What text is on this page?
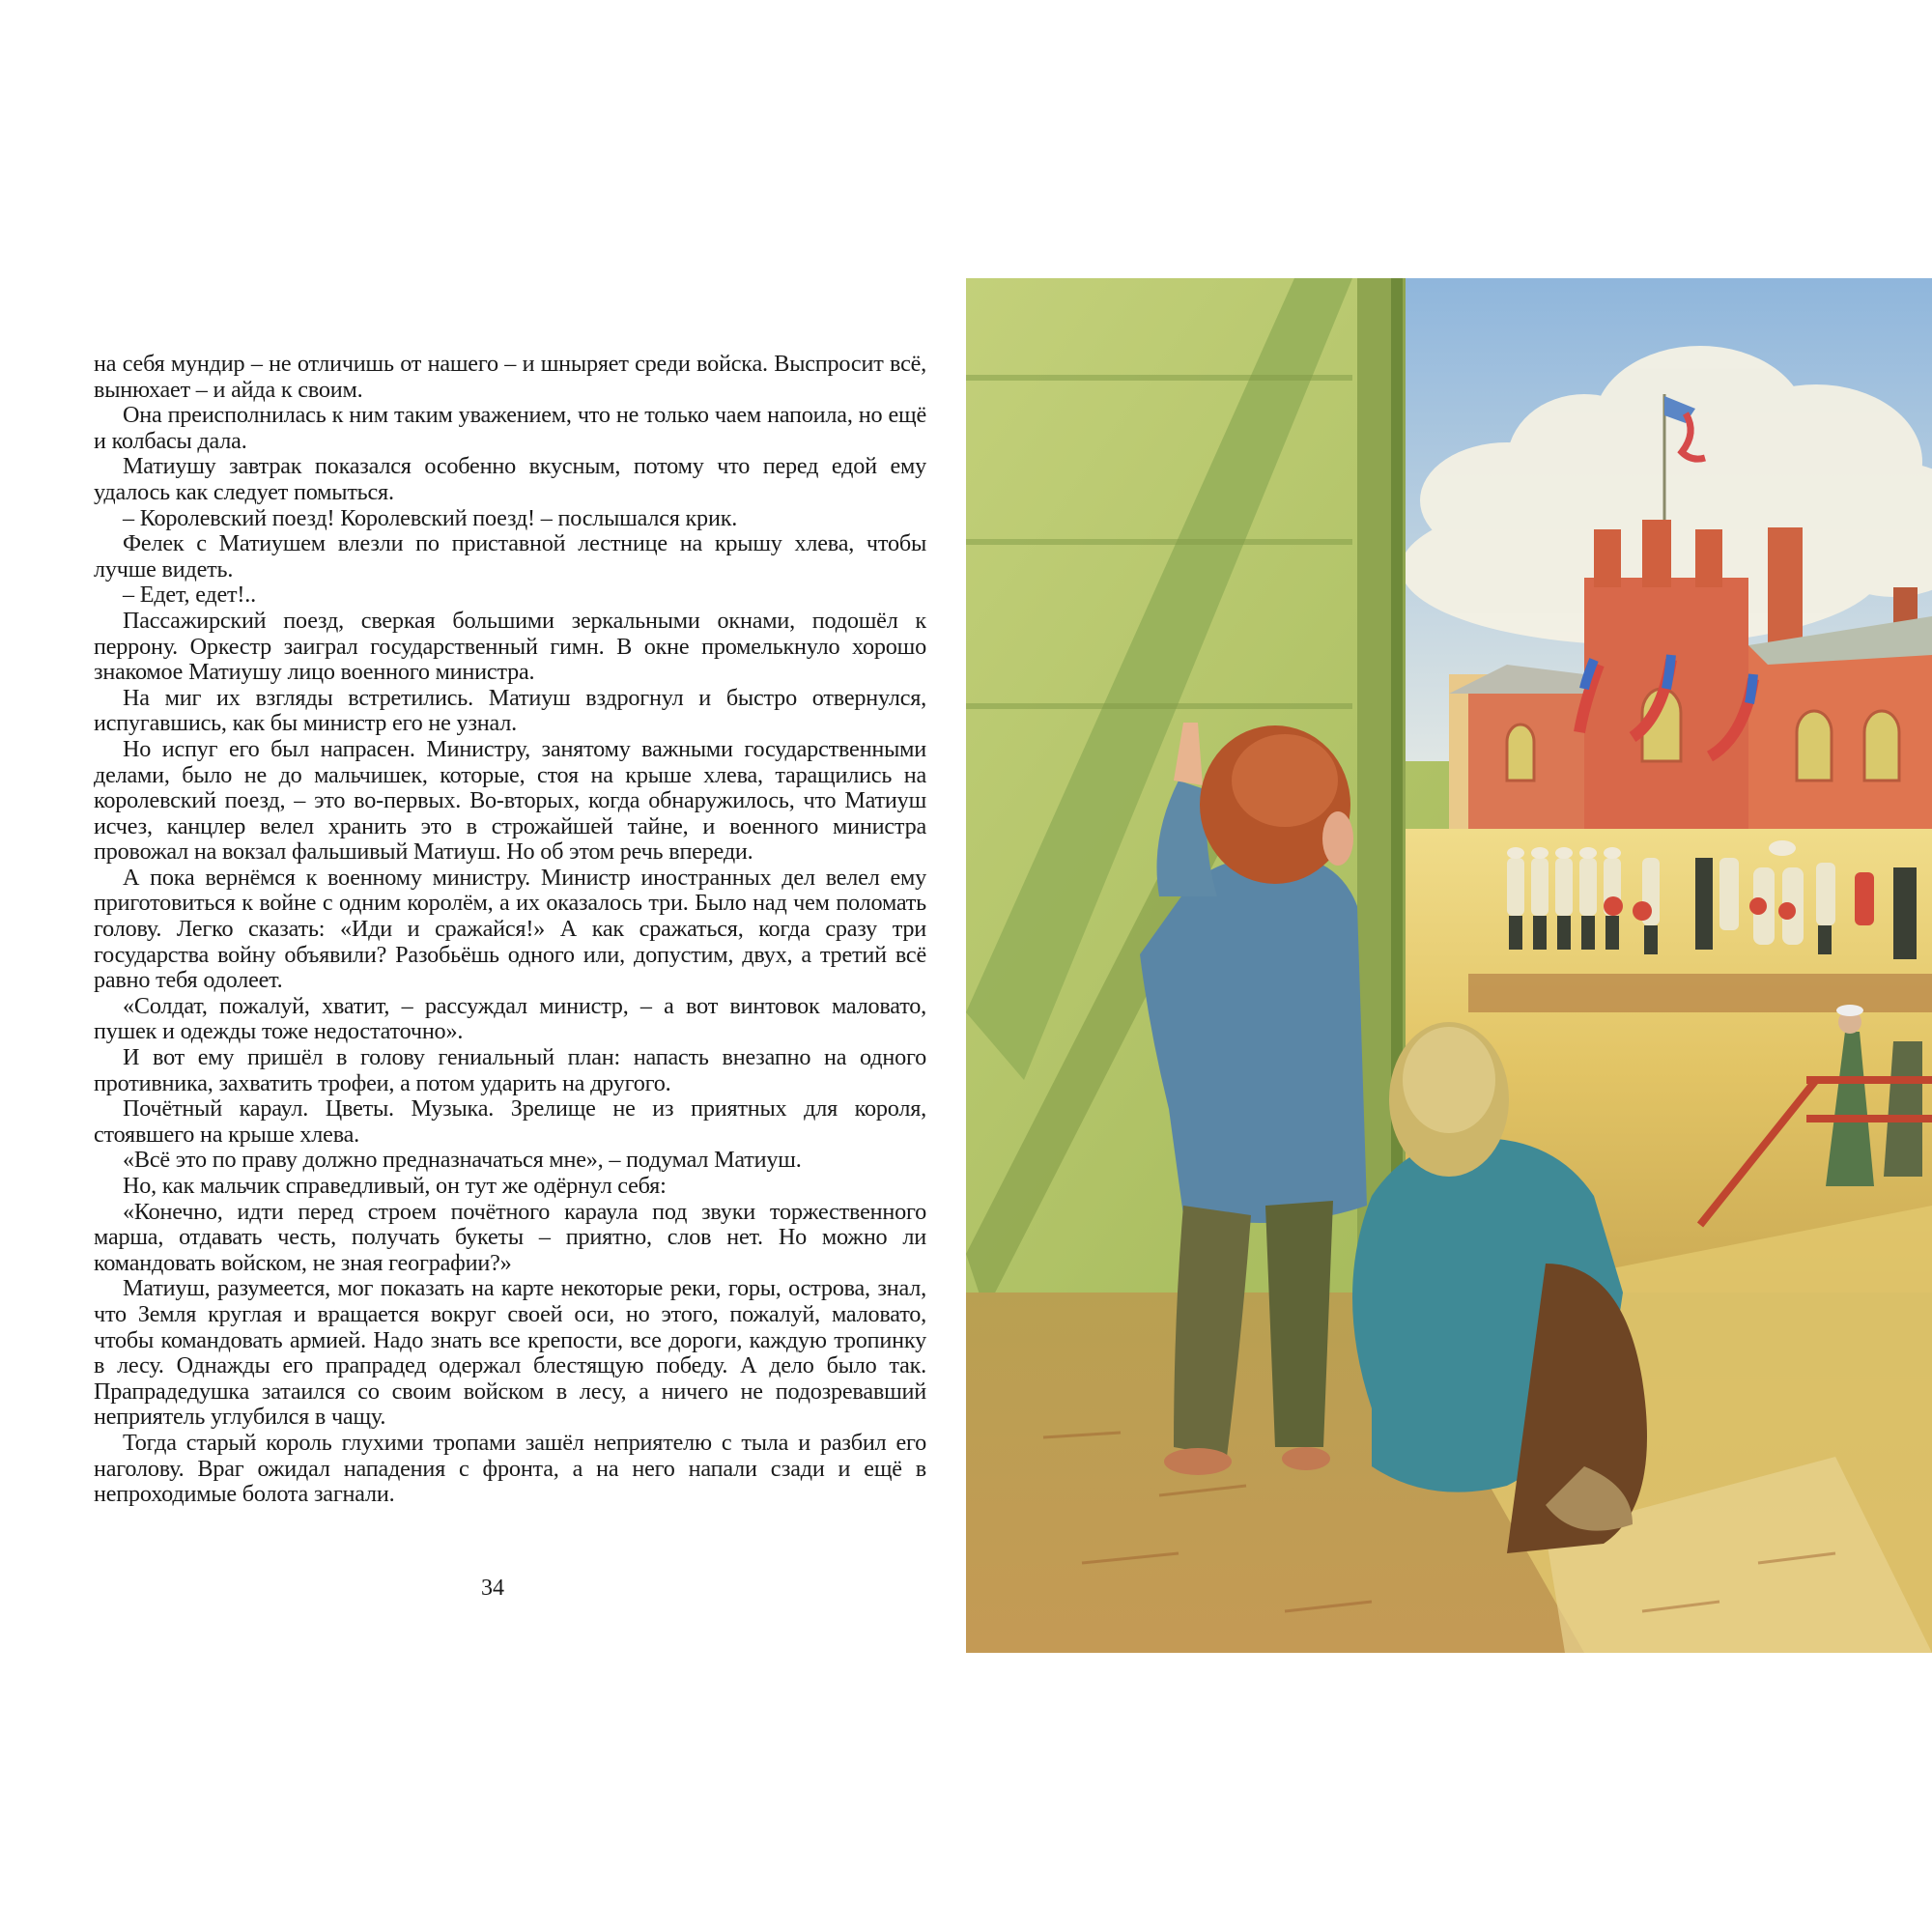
на себя мундир – не отличишь от нашего – и шныряет среди войска. Выспросит всё, вынюхает – и айда к своим.

Она преисполнилась к ним таким уважением, что не только чаем напоила, но ещё и колбасы дала.

Матиушу завтрак показался особенно вкусным, потому что перед едой ему удалось как следует помыться.

– Королевский поезд! Королевский поезд! – послышался крик.

Фелек с Матиушем влезли по приставной лестнице на крышу хлева, чтобы лучше видеть.

– Едет, едет!..

Пассажирский поезд, сверкая большими зеркальными окнами, подошёл к перрону. Оркестр заиграл государственный гимн. В окне промелькнуло хорошо знакомое Матиушу лицо военного министра.

На миг их взгляды встретились. Матиуш вздрогнул и быстро отвернулся, испугавшись, как бы министр его не узнал.

Но испуг его был напрасен. Министру, занятому важными государственными делами, было не до мальчишек, которые, стоя на крыше хлева, таращились на королевский поезд, – это во-первых. Во-вторых, когда обнаружилось, что Матиуш исчез, канцлер велел хранить это в строжайшей тайне, и военного министра провожал на вокзал фальшивый Матиуш. Но об этом речь впереди.

А пока вернёмся к военному министру. Министр иностранных дел велел ему приготовиться к войне с одним королём, а их оказалось три. Было над чем поломать голову. Легко сказать: «Иди и сражайся!» А как сражаться, когда сразу три государства войну объявили? Разобьёшь одного или, допустим, двух, а третий всё равно тебя одолеет.

«Солдат, пожалуй, хватит, – рассуждал министр, – а вот винтовок маловато, пушек и одежды тоже недостаточно».

И вот ему пришёл в голову гениальный план: напасть внезапно на одного противника, захватить трофеи, а потом ударить на другого.

Почётный караул. Цветы. Музыка. Зрелище не из приятных для короля, стоявшего на крыше хлева.

«Всё это по праву должно предназначаться мне», – подумал Матиуш.

Но, как мальчик справедливый, он тут же одёрнул себя:

«Конечно, идти перед строем почётного караула под звуки торжественного марша, отдавать честь, получать букеты – приятно, слов нет. Но можно ли командовать войском, не зная географии?»

Матиуш, разумеется, мог показать на карте некоторые реки, горы, острова, знал, что Земля круглая и вращается вокруг своей оси, но этого, пожалуй, маловато, чтобы командовать армией. Надо знать все крепости, все дороги, каждую тропинку в лесу. Однажды его прапрадед одержал блестящую победу. А дело было так. Прапрадедушка затаился со своим войском в лесу, а ничего не подозревавший неприятель углубился в чащу.

Тогда старый король глухими тропами зашёл неприятелю с тыла и разбил его наголову. Враг ожидал нападения с фронта, а на него напали сзади и ещё в непроходимые болота загнали.

34
